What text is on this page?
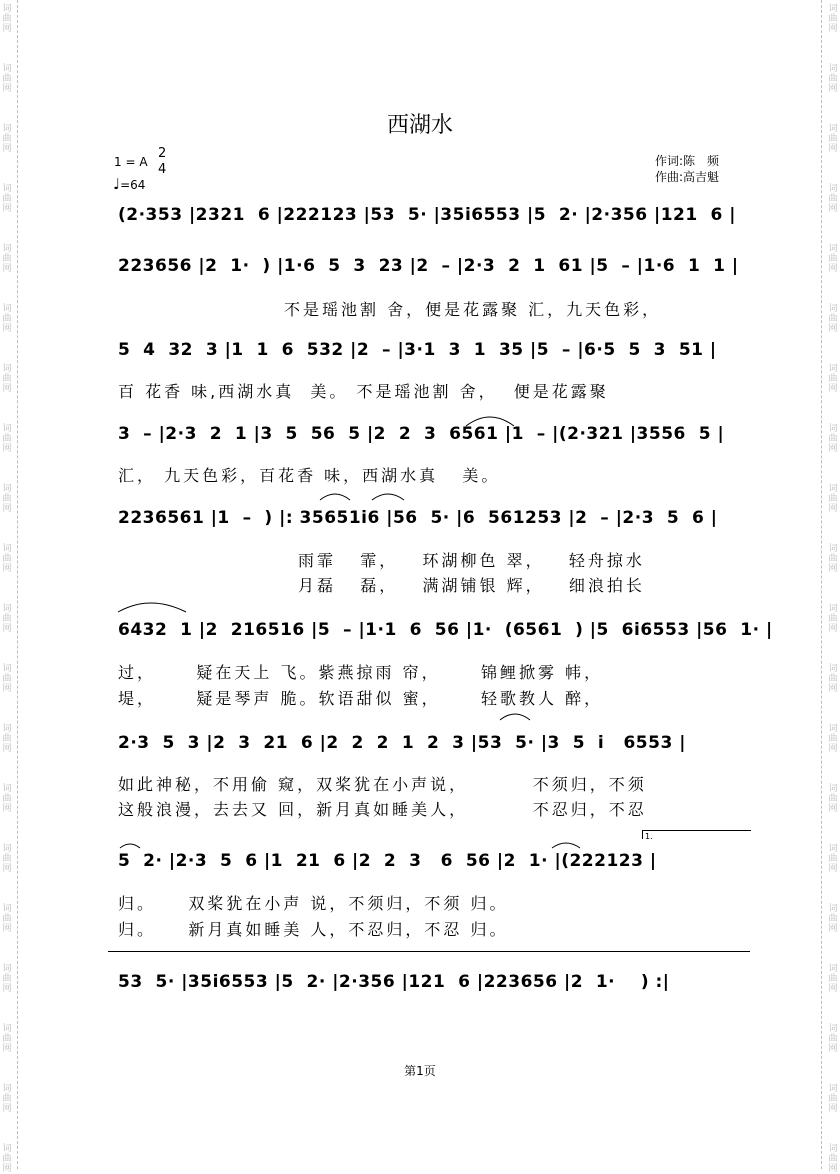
词曲网
词曲网
词曲网
词曲网
词曲网
词曲网
词曲网
词曲网
词曲网
词曲网
词曲网
词曲网
词曲网
词曲网
词曲网
词曲网
词曲网
词曲网
词曲网
词曲网
词曲网
词曲网
词曲网
词曲网
词曲网
词曲网
词曲网
词曲网
词曲网
词曲网
词曲网
词曲网
词曲网
词曲网
词曲网
词曲网
词曲网
词曲网
词曲网
词曲网
西湖水
1 = A
2
4
♩=64
作词:陈　频
作曲:高吉魁
(2·353 |2321  6 |222123 |53  5· |35i6553 |5  2· |2·356 |121  6 |
223656 |2  1·  ) |1·6  5  3  23 |2  – |2·3  2  1  61 |5  – |1·6  1  1 |
不是瑶池割 舍，便是花露聚 汇，九天色彩，
5  4  32  3 |1  1  6  532 |2  – |3·1  3  1  35 |5  – |6·5  5  3  51 |
百 花香 味,西湖水真  美。 不是瑶池割 舍，  便是花露聚
3  – |2·3  2  1 |3  5  56  5 |2  2  3  6561 |1  – |(2·321 |3556  5 |
汇， 九天色彩，百花香 味，西湖水真   美。
2236561 |1  –  ) |: 35651i6 |56  5· |6  561253 |2  – |2·3  5  6 |
雨霏   霏，   环湖柳色 翠，   轻舟掠水
月磊   磊，   满湖铺银 辉，   细浪拍长
6432  1 |2  216516 |5  – |1·1  6  56 |1·  (6561  ) |5  6i6553 |56  1· |
过，     疑在天上 飞。紫燕掠雨 帘，     锦鲤掀雾 帏，
堤，     疑是琴声 脆。软语甜似 蜜，     轻歌教人 醉，
2·3  5  3 |2  3  21  6 |2  2  2  1  2  3 |53  5· |3  5  i   6553 |
如此神秘，不用偷 窥，双桨犹在小声说，        不须归，不须
这般浪漫，去去又 回，新月真如睡美人，        不忍归，不忍
1.
5  2· |2·3  5  6 |1  21  6 |2  2  3   6  56 |2  1· |(222123 |
归。    双桨犹在小声 说，不须归，不须 归。
归。    新月真如睡美 人，不忍归，不忍 归。
53  5· |35i6553 |5  2· |2·356 |121  6 |223656 |2  1·    ) :|
第1页
